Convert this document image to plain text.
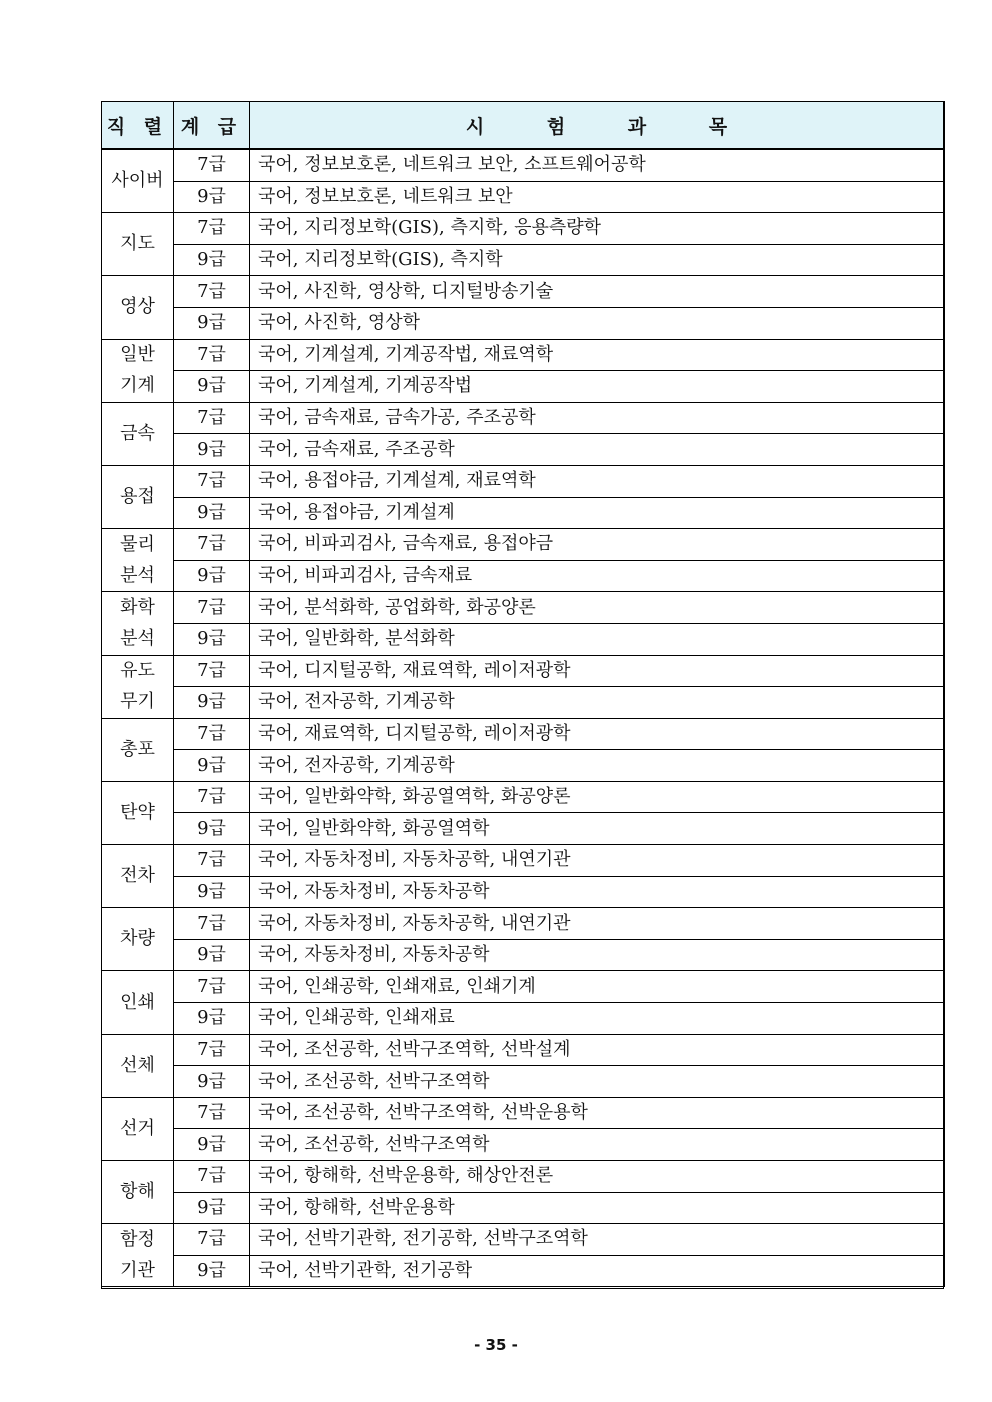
직 렬	계 급	시 험 과 목
사이버	7급	국어, 정보보호론, 네트워크 보안, 소프트웨어공학
	9급	국어, 정보보호론, 네트워크 보안
지도	7급	국어, 지리정보학(GIS), 측지학, 응용측량학
	9급	국어, 지리정보학(GIS), 측지학
영상	7급	국어, 사진학, 영상학, 디지털방송기술
	9급	국어, 사진학, 영상학
일반	7급	국어, 기계설계, 기계공작법, 재료역학
기계	9급	국어, 기계설계, 기계공작법
금속	7급	국어, 금속재료, 금속가공, 주조공학
	9급	국어, 금속재료, 주조공학
용접	7급	국어, 용접야금, 기계설계, 재료역학
	9급	국어, 용접야금, 기계설계
물리	7급	국어, 비파괴검사, 금속재료, 용접야금
분석	9급	국어, 비파괴검사, 금속재료
화학	7급	국어, 분석화학, 공업화학, 화공양론
분석	9급	국어, 일반화학, 분석화학
유도	7급	국어, 디지털공학, 재료역학, 레이저광학
무기	9급	국어, 전자공학, 기계공학
총포	7급	국어, 재료역학, 디지털공학, 레이저광학
	9급	국어, 전자공학, 기계공학
탄약	7급	국어, 일반화약학, 화공열역학, 화공양론
	9급	국어, 일반화약학, 화공열역학
전차	7급	국어, 자동차정비, 자동차공학, 내연기관
	9급	국어, 자동차정비, 자동차공학
차량	7급	국어, 자동차정비, 자동차공학, 내연기관
	9급	국어, 자동차정비, 자동차공학
인쇄	7급	국어, 인쇄공학, 인쇄재료, 인쇄기계
	9급	국어, 인쇄공학, 인쇄재료
선체	7급	국어, 조선공학, 선박구조역학, 선박설계
	9급	국어, 조선공학, 선박구조역학
선거	7급	국어, 조선공학, 선박구조역학, 선박운용학
	9급	국어, 조선공학, 선박구조역학
항해	7급	국어, 항해학, 선박운용학, 해상안전론
	9급	국어, 항해학, 선박운용학
함정	7급	국어, 선박기관학, 전기공학, 선박구조역학
기관	9급	국어, 선박기관학, 전기공학
- 35 -
